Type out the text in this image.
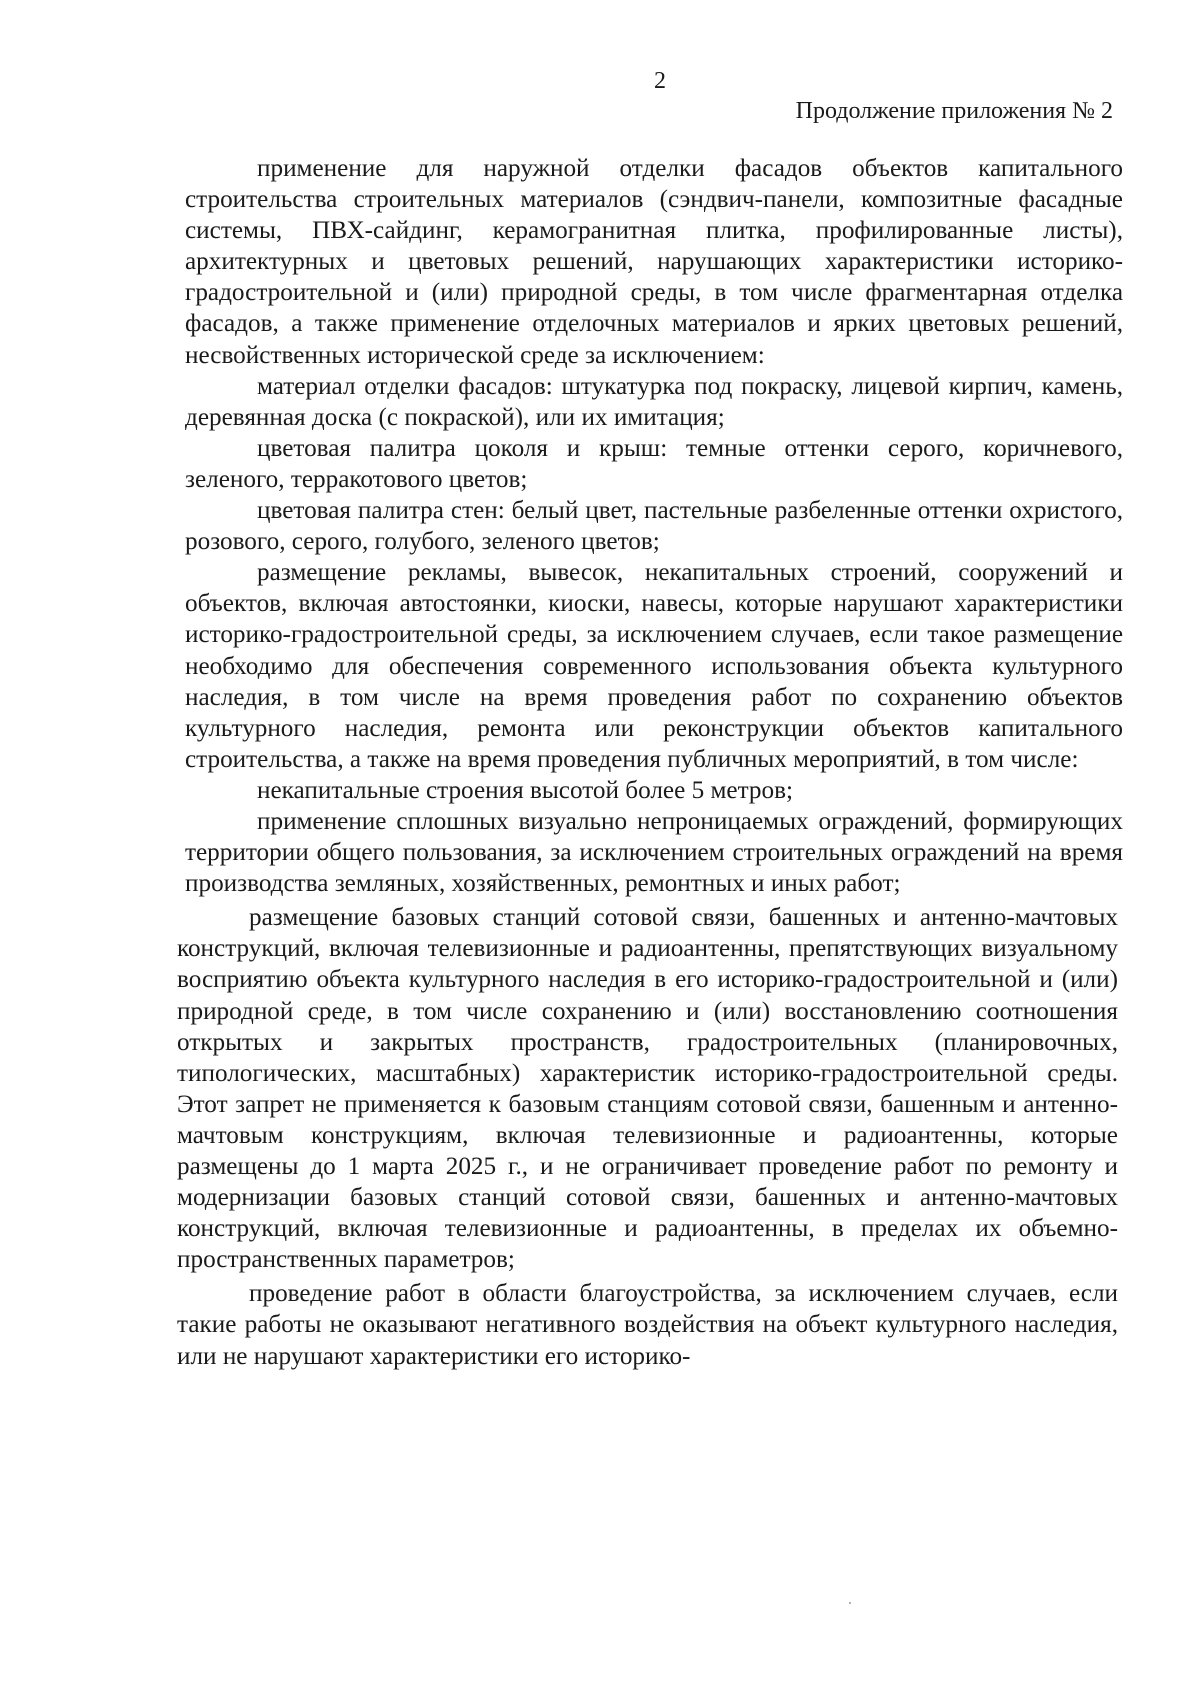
2
Продолжение приложения № 2

применение для наружной отделки фасадов объектов капитального строительства строительных материалов (сэндвич-панели, композитные фасадные системы, ПВХ-сайдинг, керамогранитная плитка, профилированные листы), архитектурных и цветовых решений, нарушающих характеристики историко-градостроительной и (или) природной среды, в том числе фрагментарная отделка фасадов, а также применение отделочных материалов и ярких цветовых решений, несвойственных исторической среде за исключением:

материал отделки фасадов: штукатурка под покраску, лицевой кирпич, камень, деревянная доска (с покраской), или их имитация;

цветовая палитра цоколя и крыш: темные оттенки серого, коричневого, зеленого, терракотового цветов;

цветовая палитра стен: белый цвет, пастельные разбеленные оттенки охристого, розового, серого, голубого, зеленого цветов;

размещение рекламы, вывесок, некапитальных строений, сооружений и объектов, включая автостоянки, киоски, навесы, которые нарушают характеристики историко-градостроительной среды, за исключением случаев, если такое размещение необходимо для обеспечения современного использования объекта культурного наследия, в том числе на время проведения работ по сохранению объектов культурного наследия, ремонта или реконструкции объектов капитального строительства, а также на время проведения публичных мероприятий, в том числе:

некапитальные строения высотой более 5 метров;

применение сплошных визуально непроницаемых ограждений, формирующих территории общего пользования, за исключением строительных ограждений на время производства земляных, хозяйственных, ремонтных и иных работ;

размещение базовых станций сотовой связи, башенных и антенно-мачтовых конструкций, включая телевизионные и радиоантенны, препятствующих визуальному восприятию объекта культурного наследия в его историко-градостроительной и (или) природной среде, в том числе сохранению и (или) восстановлению соотношения открытых и закрытых пространств, градостроительных (планировочных, типологических, масштабных) характеристик историко-градостроительной среды. Этот запрет не применяется к базовым станциям сотовой связи, башенным и антенно-мачтовым конструкциям, включая телевизионные и радиоантенны, которые размещены до 1 марта 2025 г., и не ограничивает проведение работ по ремонту и модернизации базовых станций сотовой связи, башенных и антенно-мачтовых конструкций, включая телевизионные и радиоантенны, в пределах их объемно-пространственных параметров;

проведение работ в области благоустройства, за исключением случаев, если такие работы не оказывают негативного воздействия на объект культурного наследия, или не нарушают характеристики его историко-
